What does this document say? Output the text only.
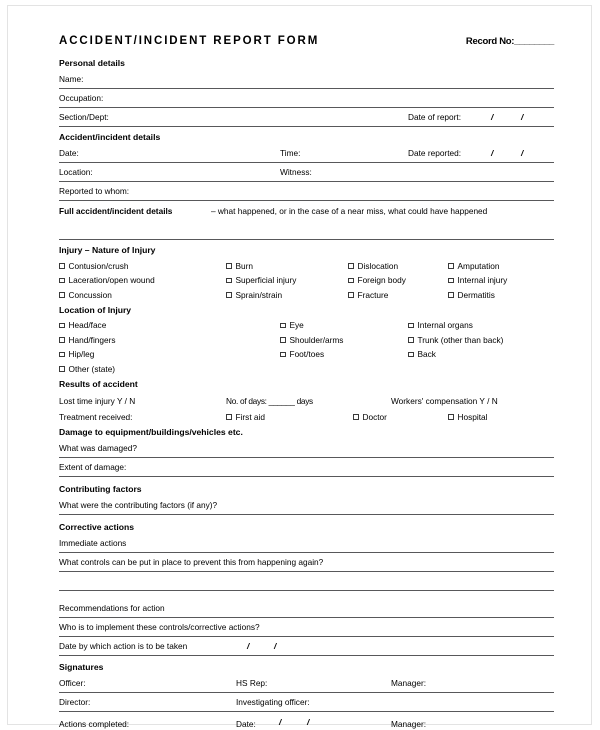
ACCIDENT/INCIDENT REPORT FORM	Record No:________
Personal details
Name:
Occupation:
Section/Dept:	Date of report:	/	/
Accident/incident details
Date:	Time:	Date reported:	/	/
Location:	Witness:
Reported to whom:
Full accident/incident details	– what happened, or in the case of a near miss, what could have happened
Injury – Nature of Injury
Contusion/crush	Burn	Dislocation	Amputation
Laceration/open wound	Superficial injury	Foreign body	Internal injury
Concussion	Sprain/strain	Fracture	Dermatitis
Location of Injury
Head/face	Eye	Internal organs
Hand/fingers	Shoulder/arms	Trunk (other than back)
Hip/leg	Foot/toes	Back
Other (state)
Results of accident
Lost time injury Y / N	No. of days: ______ days	Workers' compensation Y / N
Treatment received:	First aid	Doctor	Hospital
Damage to equipment/buildings/vehicles etc.
What was damaged?
Extent of damage:
Contributing factors
What were the contributing factors (if any)?
Corrective actions
Immediate actions
What controls can be put in place to prevent this from happening again?
Recommendations for action
Who is to implement these controls/corrective actions?
Date by which action is to be taken	/	/
Signatures
Officer:	HS Rep:	Manager:
Director:	Investigating officer:
Actions completed:	Date:	/	/	Manager:
